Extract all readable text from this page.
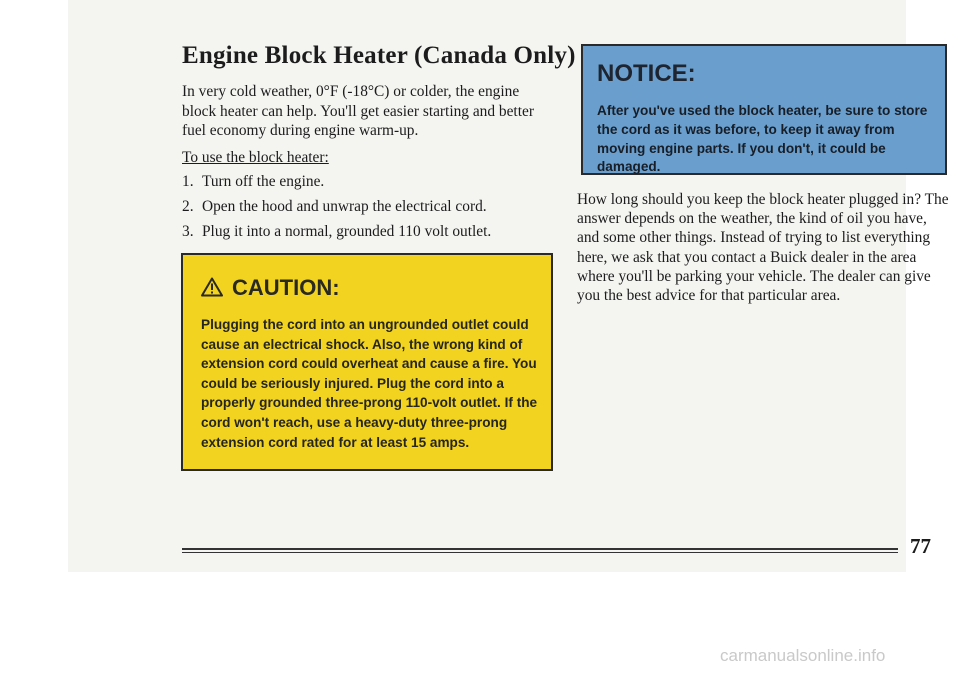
Engine Block Heater (Canada Only)

In very cold weather, 0°F (-18°C) or colder, the engine block heater can help. You'll get easier starting and better fuel economy during engine warm-up.

To use the block heater:
1. Turn off the engine.
2. Open the hood and unwrap the electrical cord.
3. Plug it into a normal, grounded 110 volt outlet.
CAUTION:

Plugging the cord into an ungrounded outlet could cause an electrical shock. Also, the wrong kind of extension cord could overheat and cause a fire. You could be seriously injured. Plug the cord into a properly grounded three-prong 110-volt outlet. If the cord won't reach, use a heavy-duty three-prong extension cord rated for at least 15 amps.

NOTICE:

After you've used the block heater, be sure to store the cord as it was before, to keep it away from moving engine parts. If you don't, it could be damaged.

How long should you keep the block heater plugged in? The answer depends on the weather, the kind of oil you have, and some other things. Instead of trying to list everything here, we ask that you contact a Buick dealer in the area where you'll be parking your vehicle. The dealer can give you the best advice for that particular area.

77
carmanualsonline.info
